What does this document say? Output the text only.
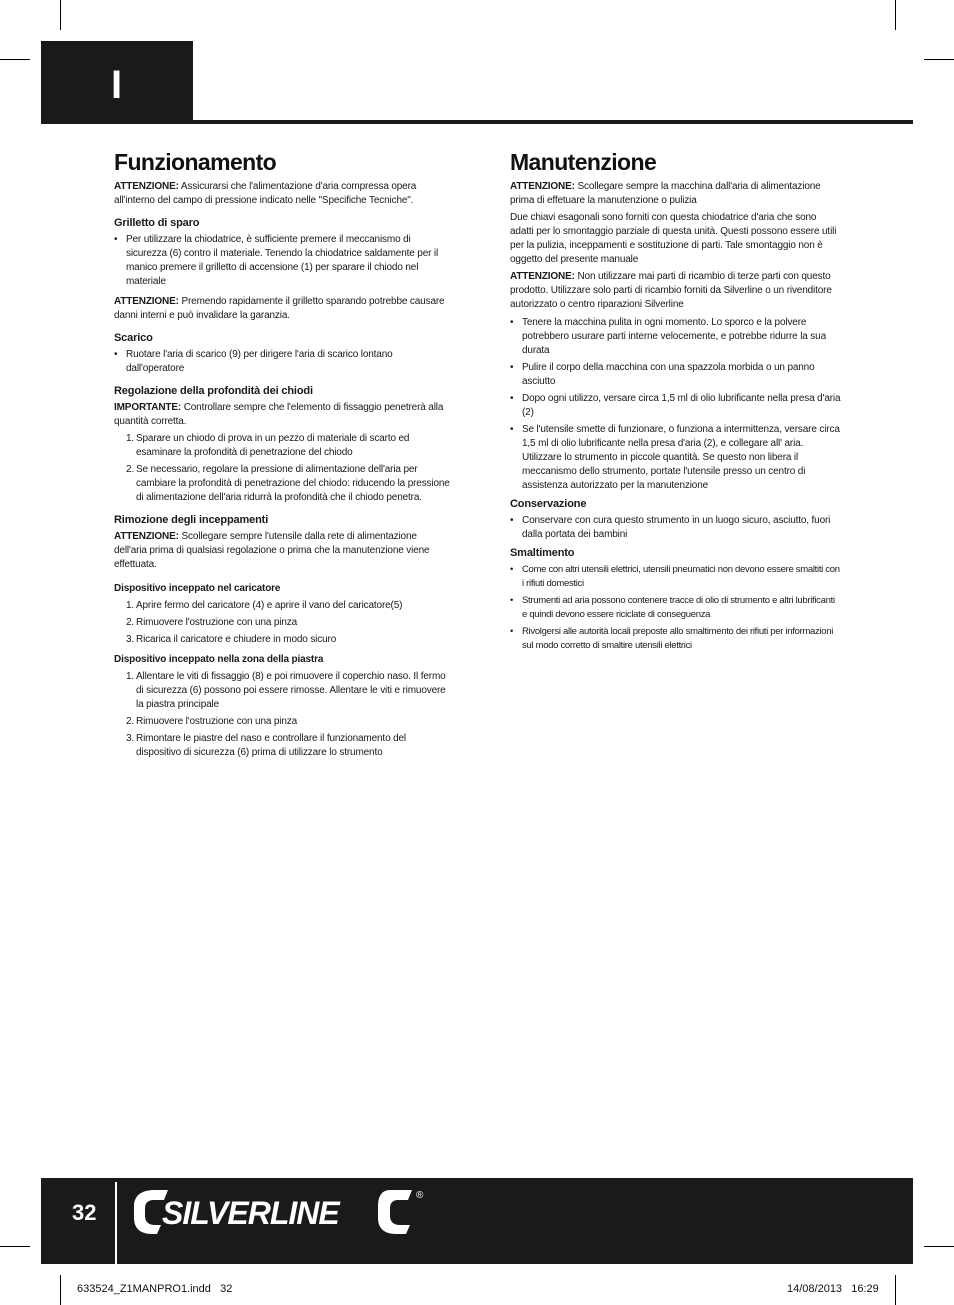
I
Funzionamento

ATTENZIONE: Assicurarsi che l'alimentazione d'aria compressa opera all'interno del campo di pressione indicato nelle "Specifiche Tecniche".

Grilletto di sparo
• Per utilizzare la chiodatrice, è sufficiente premere il meccanismo di sicurezza (6) contro il materiale. Tenendo la chiodatrice saldamente per il manico premere il grilletto di accensione (1) per sparare il chiodo nel materiale

ATTENZIONE: Premendo rapidamente il grilletto sparando potrebbe causare danni interni e può invalidare la garanzia.

Scarico
• Ruotare l'aria di scarico (9) per dirigere l'aria di scarico lontano dall'operatore
Regolazione della profondità dei chiodi

IMPORTANTE: Controllare sempre che l'elemento di fissaggio penetrerà alla quantità corretta.

1. Sparare un chiodo di prova in un pezzo di materiale di scarto ed esaminare la profondità di penetrazione del chiodo
2. Se necessario, regolare la pressione di alimentazione dell'aria per cambiare la profondità di penetrazione del chiodo: riducendo la pressione di alimentazione dell'aria ridurrà la profondità che il chiodo penetra.
Rimozione degli inceppamenti

ATTENZIONE: Scollegare sempre l'utensile dalla rete di alimentazione dell'aria prima di qualsiasi regolazione o prima che la manutenzione viene effettuata.

Dispositivo inceppato nel caricatore
1. Aprire fermo del caricatore (4) e aprire il vano del caricatore(5)
2. Rimuovere l'ostruzione con una pinza
3. Ricarica il caricatore e chiudere in modo sicuro
Dispositivo inceppato nella zona della piastra
1. Allentare le viti di fissaggio (8) e poi rimuovere il coperchio naso. Il fermo di sicurezza (6) possono poi essere rimosse. Allentare le viti e rimuovere la piastra principale
2. Rimuovere l'ostruzione con una pinza
3. Rimontare le piastre del naso e controllare il funzionamento del dispositivo di sicurezza (6) prima di utilizzare lo strumento
Manutenzione

ATTENZIONE: Scollegare sempre la macchina dall'aria di alimentazione prima di effetuare la manutenzione o pulizia

Due chiavi esagonali sono forniti con questa chiodatrice d'aria che sono adatti per lo smontaggio parziale di questa unità. Questi possono essere utili per la pulizia, inceppamenti e sostituzione di parti. Tale smontaggio non è oggetto del presente manuale

ATTENZIONE: Non utilizzare mai parti di ricambio di terze parti con questo prodotto. Utilizzare solo parti di ricambio forniti da Silverline o un rivenditore autorizzato o centro riparazioni Silverline

• Tenere la macchina pulita in ogni momento. Lo sporco e la polvere potrebbero usurare parti interne velocemente, e potrebbe ridurre la sua durata
• Pulire il corpo della macchina con una spazzola morbida o un panno asciutto
• Dopo ogni utilizzo, versare circa 1,5 ml di olio lubrificante nella presa d'aria (2)
• Se l'utensile smette di funzionare, o funziona a intermittenza, versare circa 1,5 ml di olio lubrificante nella presa d'aria (2), e collegare all' aria. Utilizzare lo strumento in piccole quantità. Se questo non libera il meccanismo dello strumento, portate l'utensile presso un centro di assistenza autorizzato per la manutenzione
Conservazione
• Conservare con cura questo strumento in un luogo sicuro, asciutto, fuori dalla portata dei bambini
Smaltimento
• Come con altri utensili elettrici, utensili pneumatici non devono essere smaltiti con i rifiuti domestici
• Strumenti ad aria possono contenere tracce di olio di strumento e altri lubrificanti e quindi devono essere riciclate di conseguenza
• Rivolgersi alle autorità locali preposte allo smaltimento dei rifiuti per informazioni sul modo corretto di smaltire utensili elettrici
32 SILVERLINE	®
633524_Z1MANPRO1.indd   32	14/08/2013   16:29
